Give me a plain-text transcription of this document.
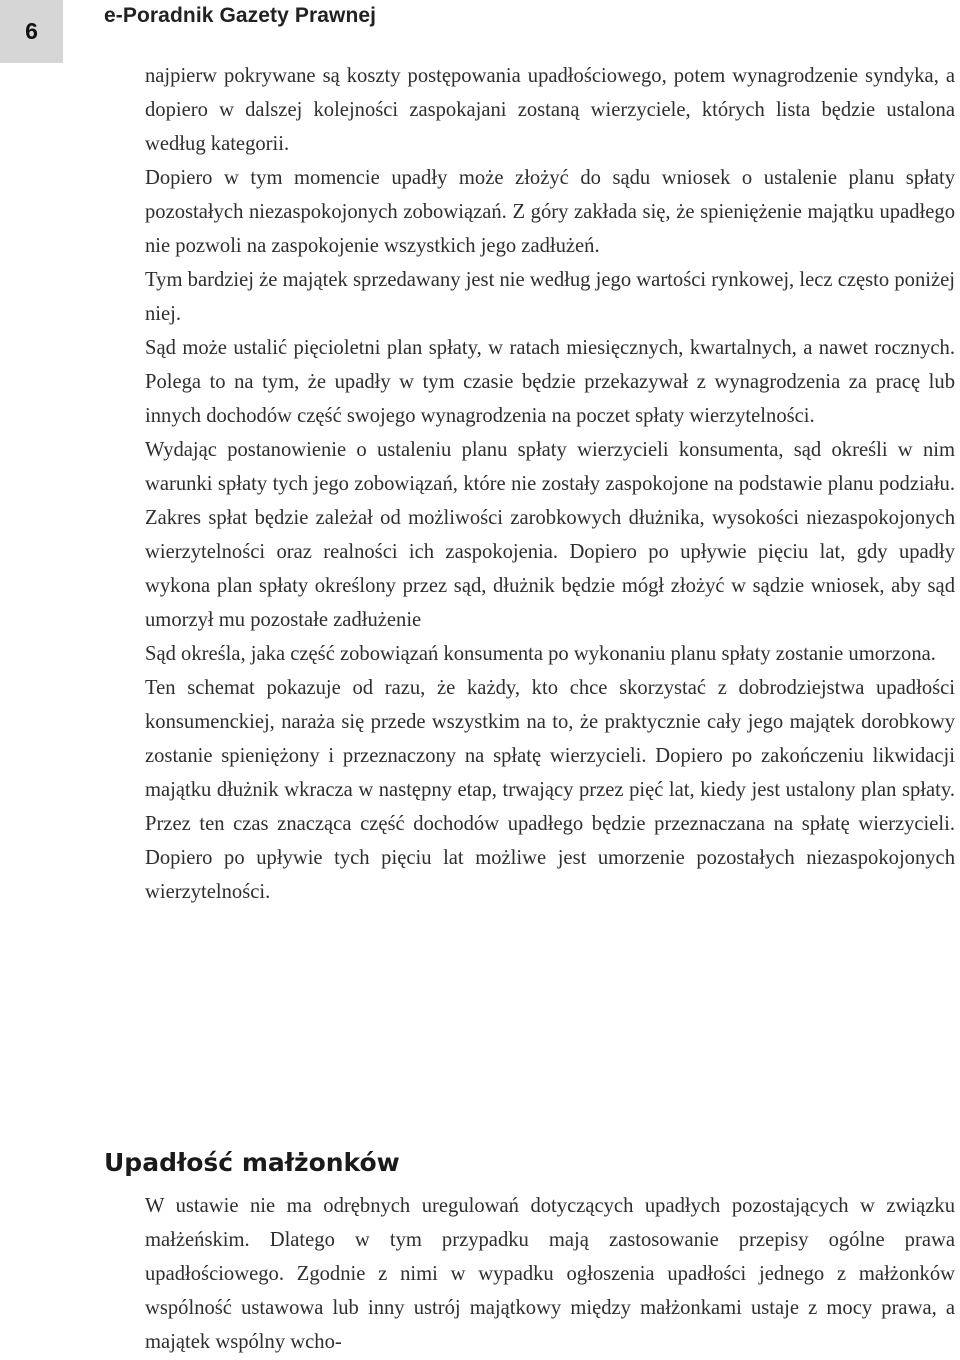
6
e-Poradnik Gazety Prawnej

najpierw pokrywane są koszty postępowania upadłościowego, potem wynagrodzenie syndyka, a dopiero w dalszej kolejności zaspokajani zostaną wierzyciele, których lista będzie ustalona według kategorii.

Dopiero w tym momencie upadły może złożyć do sądu wniosek o ustalenie planu spłaty pozostałych niezaspokojonych zobowiązań. Z góry zakłada się, że spieniężenie majątku upadłego nie pozwoli na zaspokojenie wszystkich jego zadłużeń.

Tym bardziej że majątek sprzedawany jest nie według jego wartości rynkowej, lecz często poniżej niej.

Sąd może ustalić pięcioletni plan spłaty, w ratach miesięcznych, kwartalnych, a nawet rocznych. Polega to na tym, że upadły w tym czasie będzie przekazywał z wynagrodzenia za pracę lub innych dochodów część swojego wynagrodzenia na poczet spłaty wierzytelności.

Wydając postanowienie o ustaleniu planu spłaty wierzycieli konsumenta, sąd określi w nim warunki spłaty tych jego zobowiązań, które nie zostały zaspokojone na podstawie planu podziału. Zakres spłat będzie zależał od możliwości zarobkowych dłużnika, wysokości niezaspokojonych wierzytelności oraz realności ich zaspokojenia. Dopiero po upływie pięciu lat, gdy upadły wykona plan spłaty określony przez sąd, dłużnik będzie mógł złożyć w sądzie wniosek, aby sąd umorzył mu pozostałe zadłużenie

Sąd określa, jaka część zobowiązań konsumenta po wykonaniu planu spłaty zostanie umorzona.

Ten schemat pokazuje od razu, że każdy, kto chce skorzystać z dobrodziejstwa upadłości konsumenckiej, naraża się przede wszystkim na to, że praktycznie cały jego majątek dorobkowy zostanie spieniężony i przeznaczony na spłatę wierzycieli. Dopiero po zakończeniu likwidacji majątku dłużnik wkracza w następny etap, trwający przez pięć lat, kiedy jest ustalony plan spłaty. Przez ten czas znacząca część dochodów upadłego będzie przeznaczana na spłatę wierzycieli. Dopiero po upływie tych pięciu lat możliwe jest umorzenie pozostałych niezaspokojonych wierzytelności.

Upadłość małżonków

W ustawie nie ma odrębnych uregulowań dotyczących upadłych pozostających w związku małżeńskim. Dlatego w tym przypadku mają zastosowanie przepisy ogólne prawa upadłościowego. Zgodnie z nimi w wypadku ogłoszenia upadłości jednego z małżonków wspólność ustawowa lub inny ustrój majątkowy między małżonkami ustaje z mocy prawa, a majątek wspólny wcho-
